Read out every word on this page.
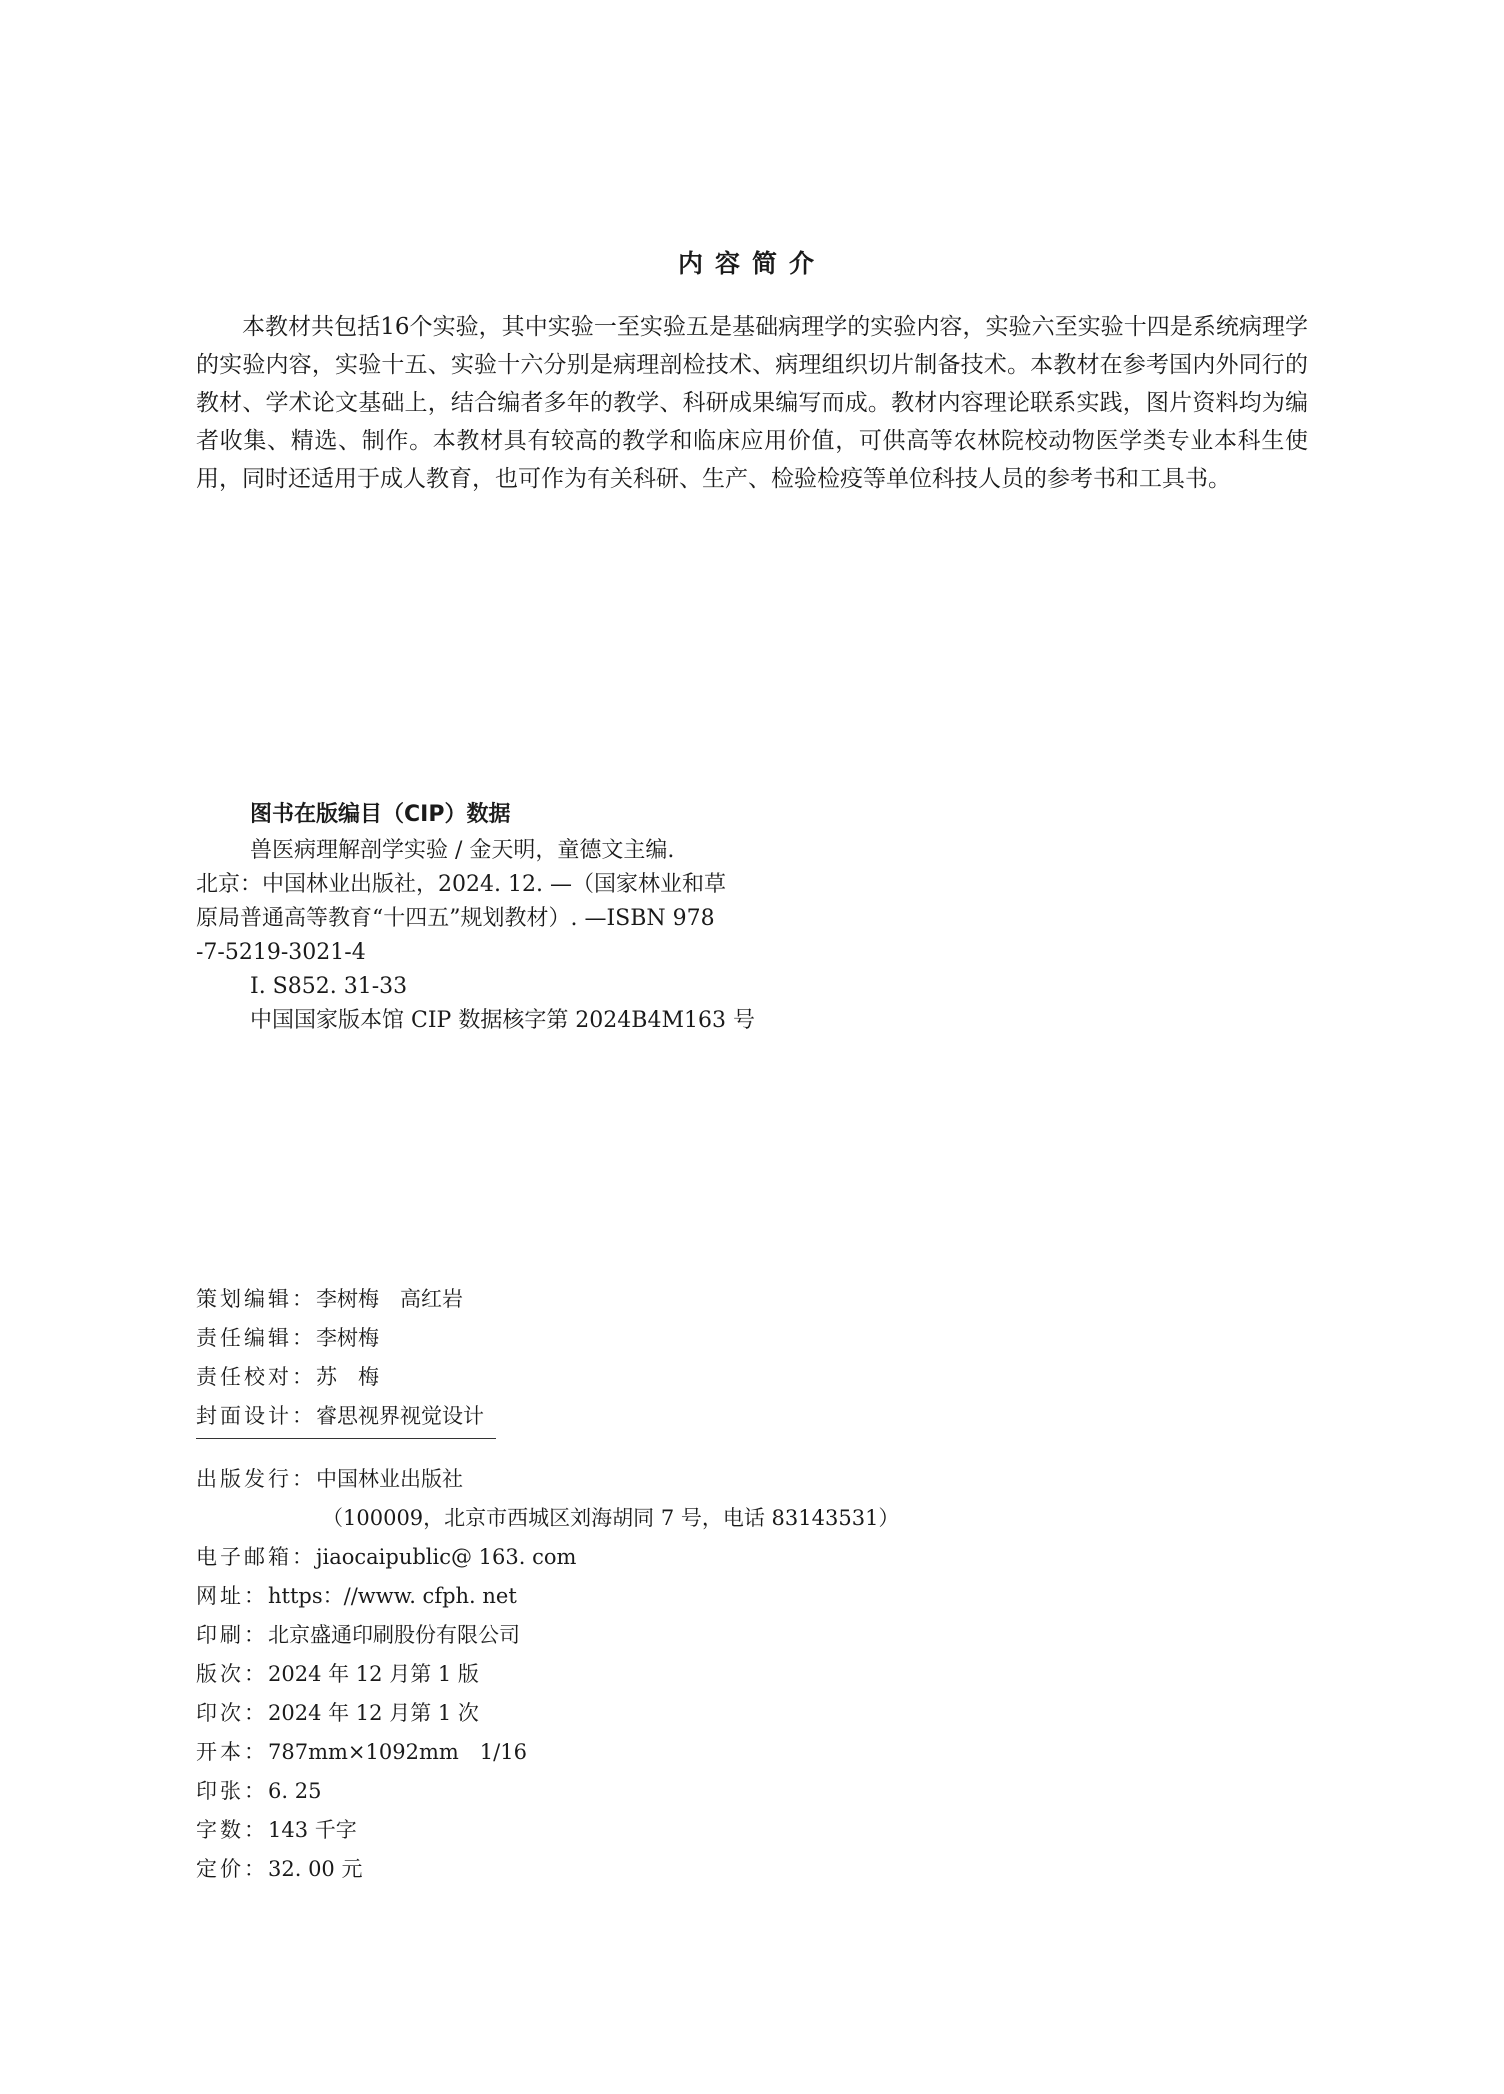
内容简介

本教材共包括16个实验，其中实验一至实验五是基础病理学的实验内容，实验六至实验十四是系统病理学的实验内容，实验十五、实验十六分别是病理剖检技术、病理组织切片制备技术。本教材在参考国内外同行的教材、学术论文基础上，结合编者多年的教学、科研成果编写而成。教材内容理论联系实践，图片资料均为编者收集、精选、制作。本教材具有较高的教学和临床应用价值，可供高等农林院校动物医学类专业本科生使用，同时还适用于成人教育，也可作为有关科研、生产、检验检疫等单位科技人员的参考书和工具书。

图书在版编目（CIP）数据
兽医病理解剖学实验 / 金天明，童德文主编.
北京：中国林业出版社，2024. 12. —（国家林业和草
原局普通高等教育“十四五”规划教材）. —ISBN 978
-7-5219-3021-4
Ⅰ. S852. 31-33
中国国家版本馆 CIP 数据核字第 2024B4M163 号
策划编辑：李树梅　高红岩
责任编辑：李树梅
责任校对：苏　梅
封面设计：睿思视界视觉设计
出版发行：中国林业出版社
（100009，北京市西城区刘海胡同 7 号，电话 83143531）
电子邮箱：jiaocaipublic@ 163. com
网址：https：//www. cfph. net
印刷：北京盛通印刷股份有限公司
版次：2024 年 12 月第 1 版
印次：2024 年 12 月第 1 次
开本：787mm×1092mm　1/16
印张：6. 25
字数：143 千字
定价：32. 00 元
